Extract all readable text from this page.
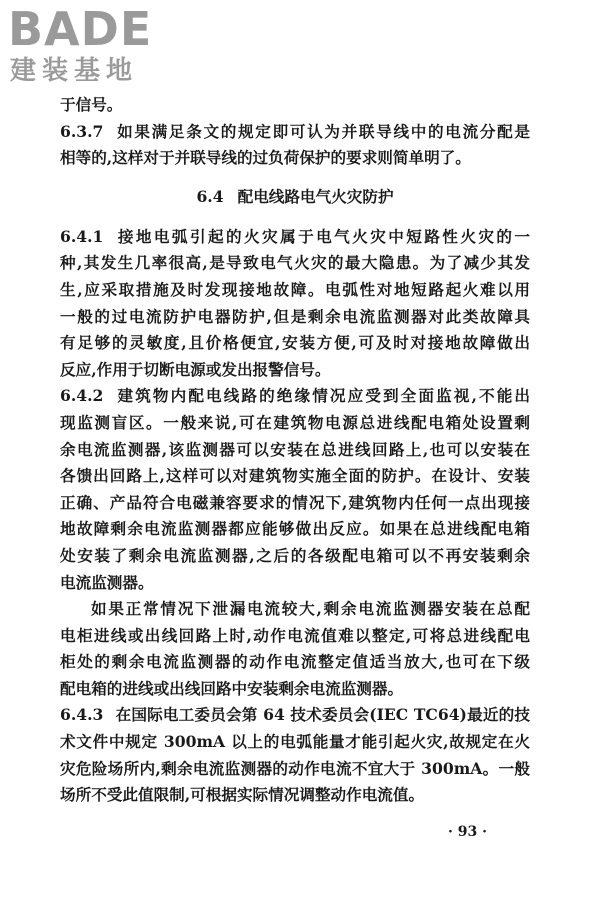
BADE
建装基地
于信号。
6.3.7 如果满足条文的规定即可认为并联导线中的电流分配是
相等的,这样对于并联导线的过负荷保护的要求则简单明了。
6.4 配电线路电气火灾防护
6.4.1 接地电弧引起的火灾属于电气火灾中短路性火灾的一
种,其发生几率很高,是导致电气火灾的最大隐患。为了减少其发
生,应采取措施及时发现接地故障。电弧性对地短路起火难以用
一般的过电流防护电器防护,但是剩余电流监测器对此类故障具
有足够的灵敏度,且价格便宜,安装方便,可及时对接地故障做出
反应,作用于切断电源或发出报警信号。
6.4.2 建筑物内配电线路的绝缘情况应受到全面监视,不能出
现监测盲区。一般来说,可在建筑物电源总进线配电箱处设置剩
余电流监测器,该监测器可以安装在总进线回路上,也可以安装在
各馈出回路上,这样可以对建筑物实施全面的防护。在设计、安装
正确、产品符合电磁兼容要求的情况下,建筑物内任何一点出现接
地故障剩余电流监测器都应能够做出反应。如果在总进线配电箱
处安装了剩余电流监测器,之后的各级配电箱可以不再安装剩余
电流监测器。
如果正常情况下泄漏电流较大,剩余电流监测器安装在总配
电柜进线或出线回路上时,动作电流值难以整定,可将总进线配电
柜处的剩余电流监测器的动作电流整定值适当放大,也可在下级
配电箱的进线或出线回路中安装剩余电流监测器。
6.4.3 在国际电工委员会第 64 技术委员会(IEC TC64)最近的技
术文件中规定 300mA 以上的电弧能量才能引起火灾,故规定在火
灾危险场所内,剩余电流监测器的动作电流不宜大于 300mA。一般
场所不受此值限制,可根据实际情况调整动作电流值。
· 93 ·
